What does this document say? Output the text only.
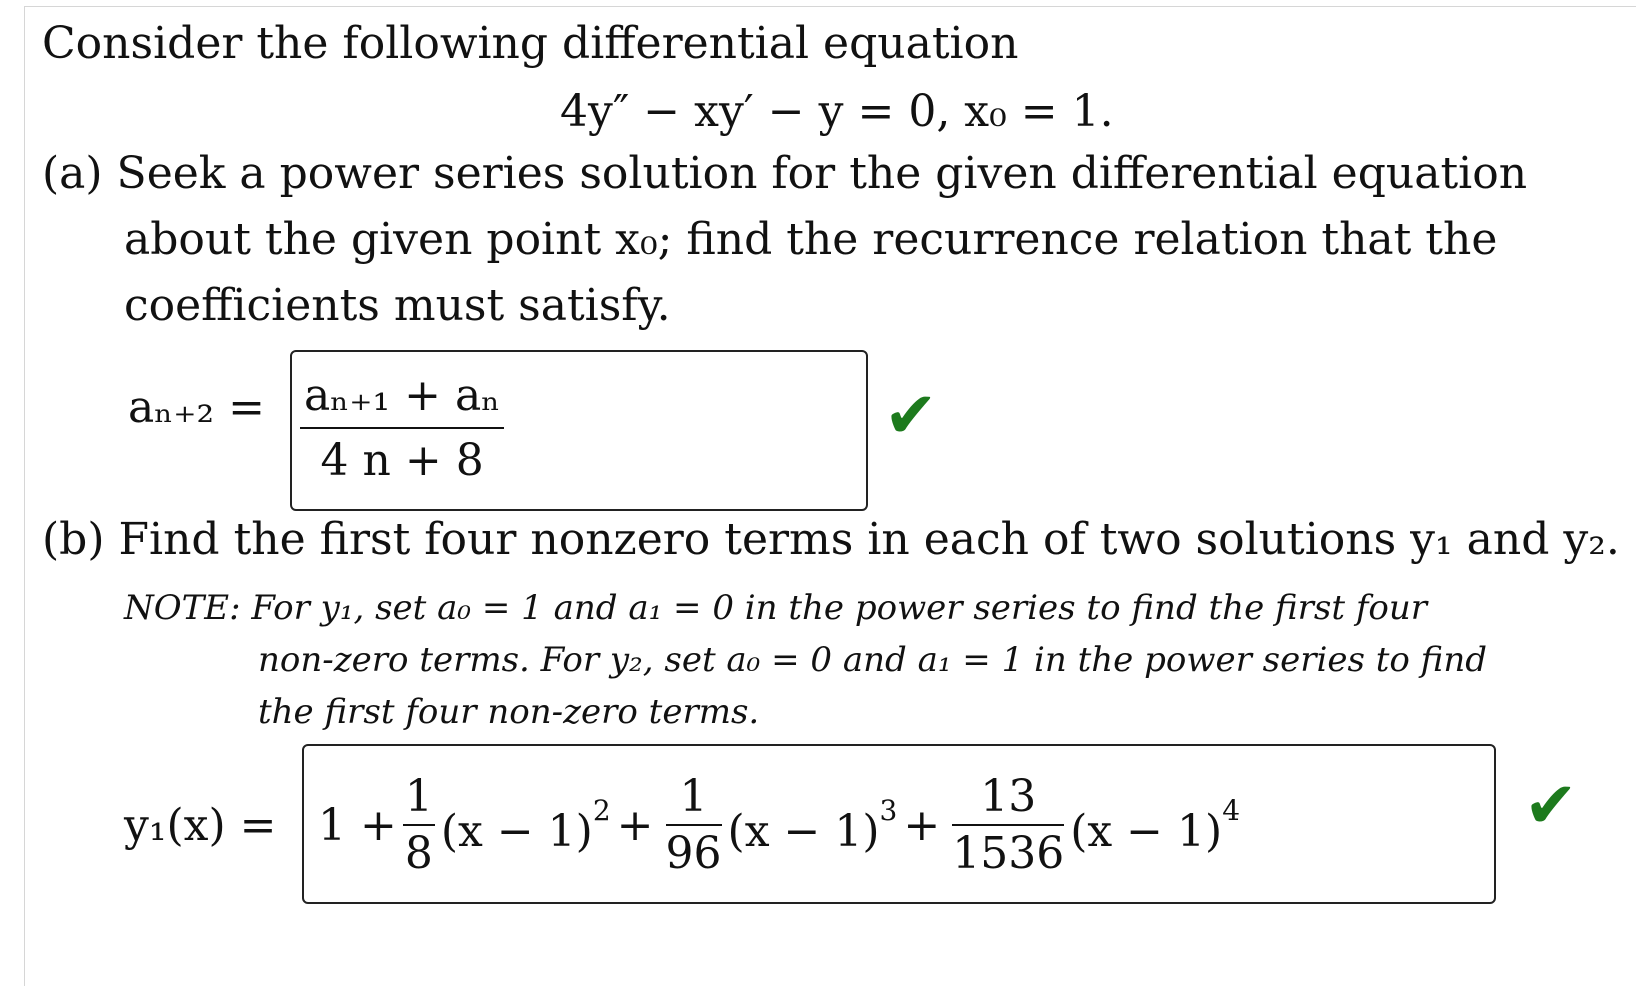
Consider the following differential equation
4y″ − xy′ − y = 0, x₀ = 1.
(a) Seek a power series solution for the given differential equation
about the given point x₀; find the recurrence relation that the
coefficients must satisfy.
aₙ₊₂ = aₙ₊₁ + aₙ
4 n + 8
✔
(b) Find the first four nonzero terms in each of two solutions y₁ and y₂.
NOTE: For y₁, set a₀ = 1 and a₁ = 0 in the power series to find the first four
non-zero terms. For y₂, set a₀ = 0 and a₁ = 1 in the power series to find
the first four non-zero terms.
$y_1(x) = 1 + \frac{1}{8} (x - 1)^2 + \frac{1}{96} (x - 1)^3 + \frac{13}{1536} (x - 1)^4$	✔
